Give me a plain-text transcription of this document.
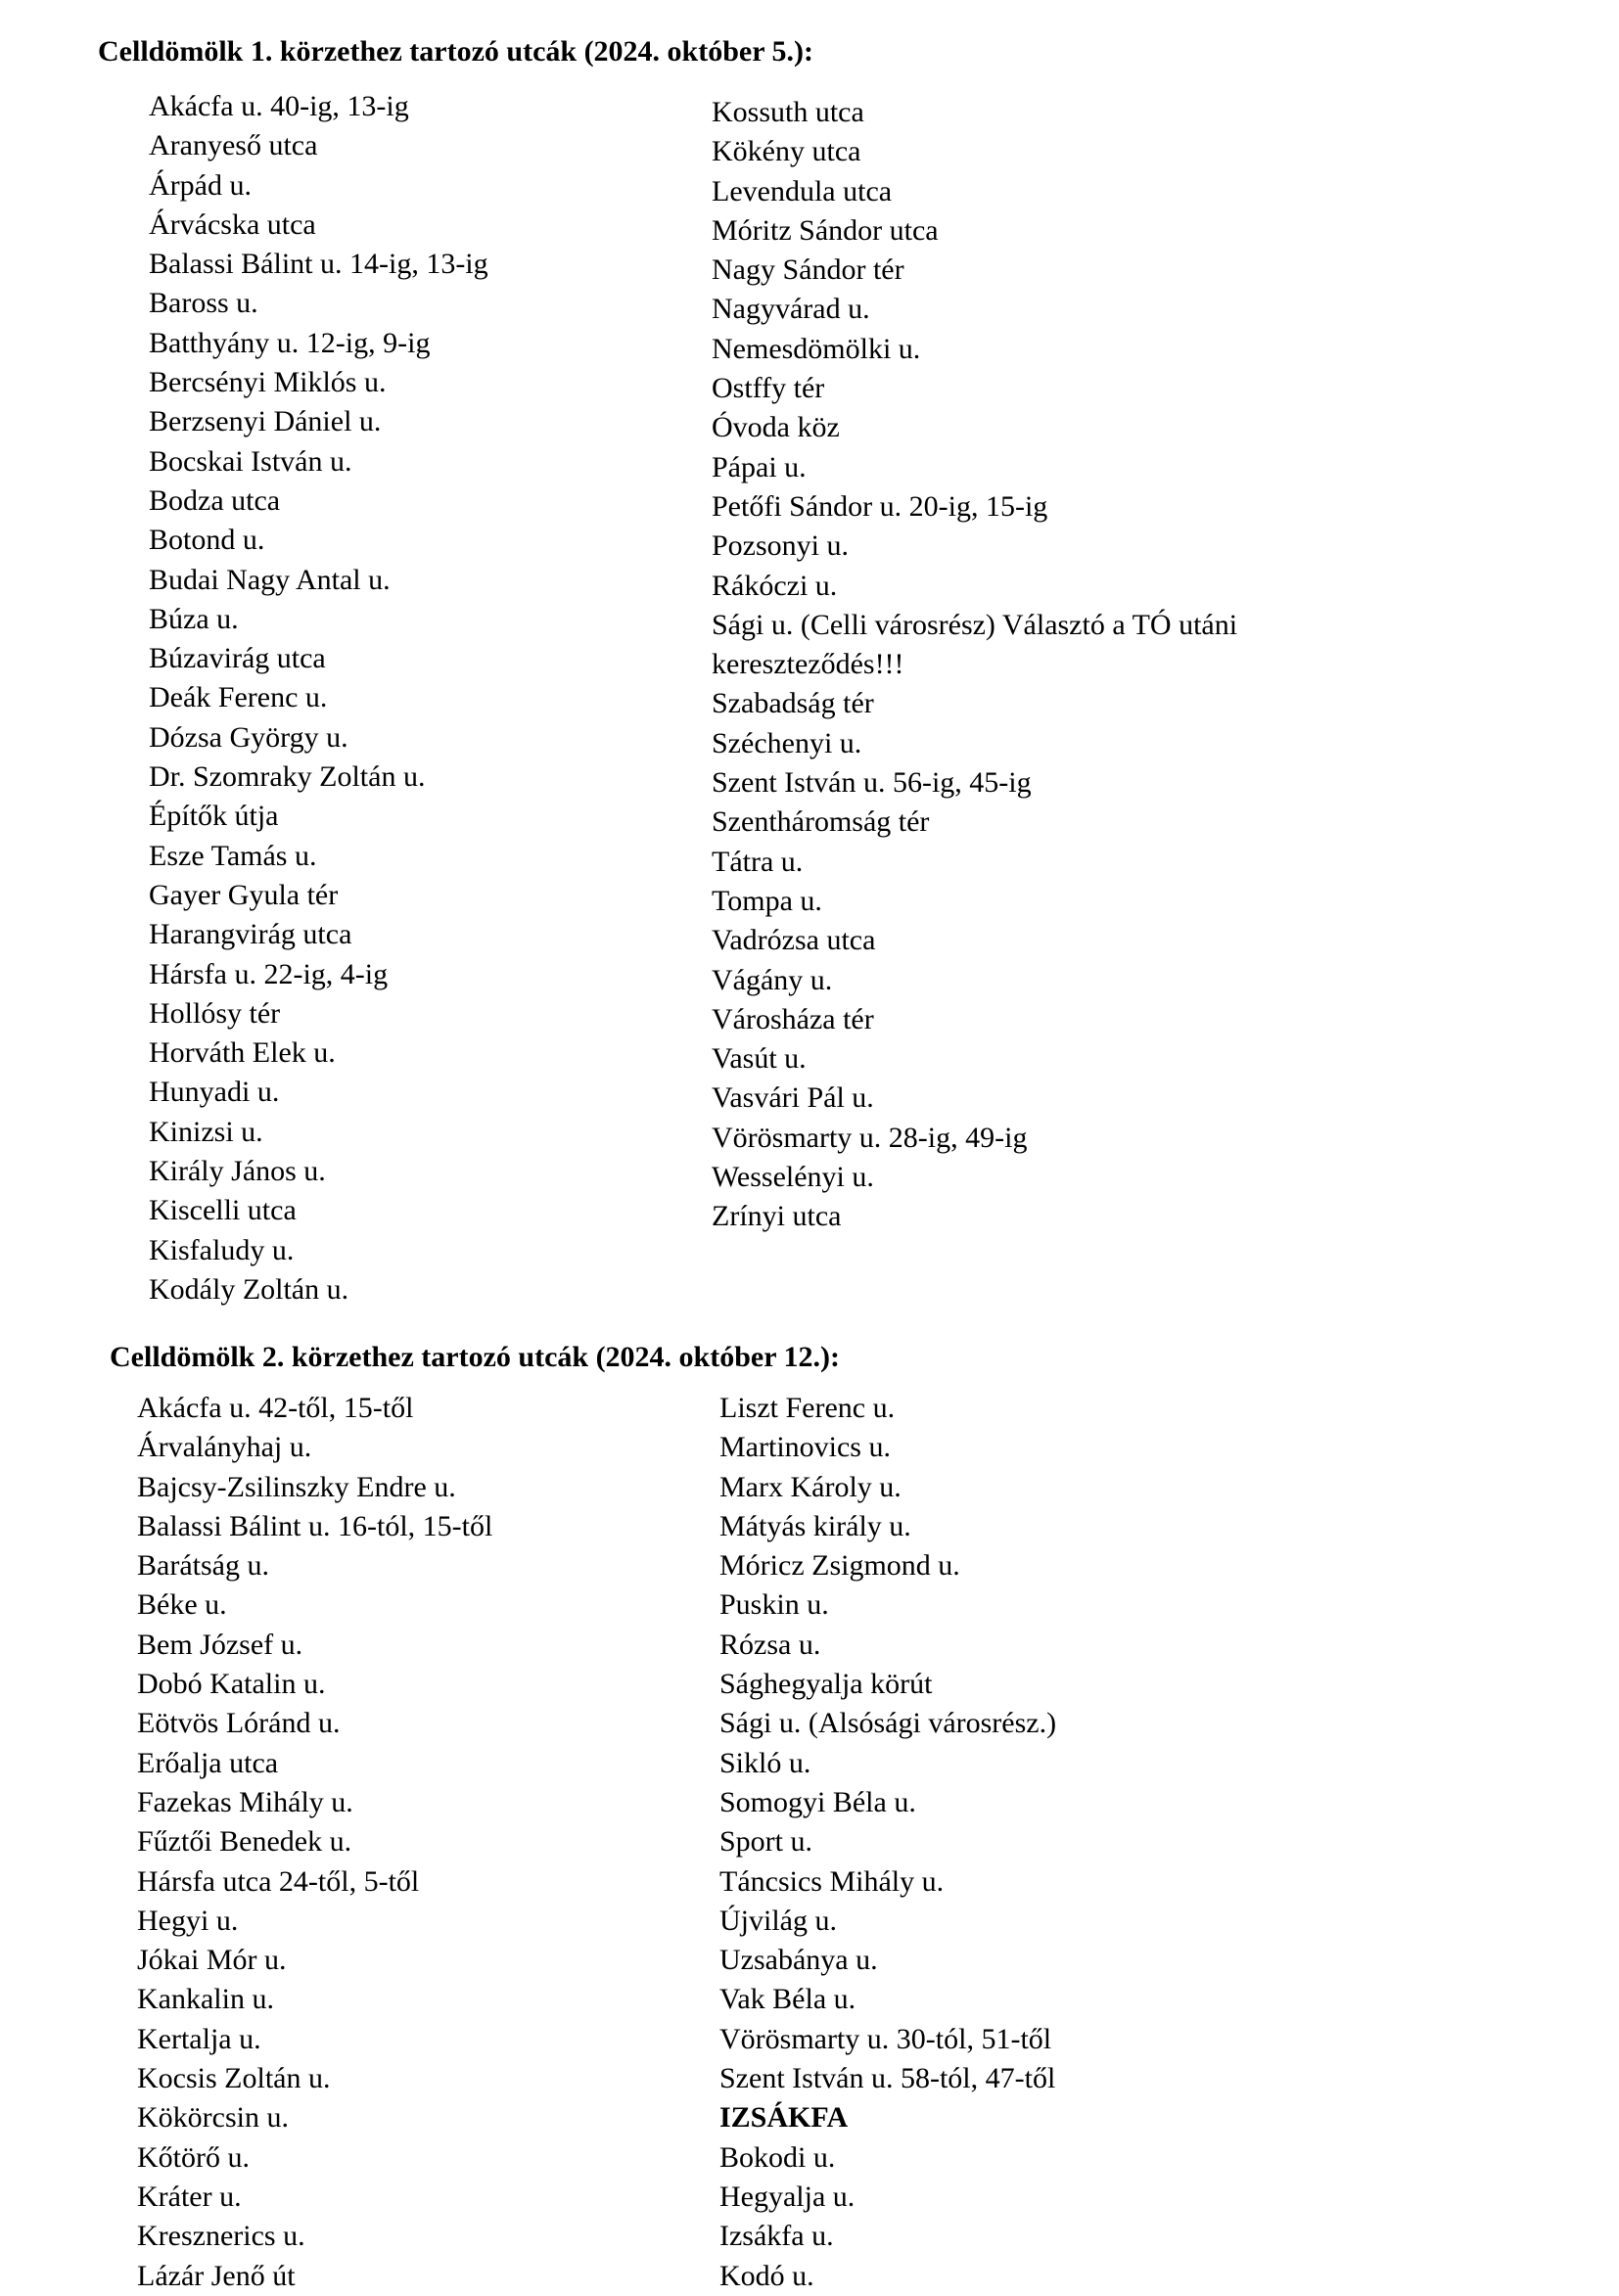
Celldömölk 1. körzethez tartozó utcák (2024. október 5.):
Akácfa u. 40-ig, 13-ig
Aranyeső utca
Árpád u.
Árvácska utca
Balassi Bálint u. 14-ig, 13-ig
Baross u.
Batthyány u. 12-ig, 9-ig
Bercsényi Miklós u.
Berzsenyi Dániel u.
Bocskai István u.
Bodza utca
Botond u.
Budai Nagy Antal u.
Búza u.
Búzavirág utca
Deák Ferenc u.
Dózsa György u.
Dr. Szomraky Zoltán u.
Építők útja
Esze Tamás u.
Gayer Gyula tér
Harangvirág utca
Hársfa u. 22-ig, 4-ig
Hollósy tér
Horváth Elek u.
Hunyadi u.
Kinizsi u.
Király János u.
Kiscelli utca
Kisfaludy u.
Kodály Zoltán u.
Kossuth utca
Kökény utca
Levendula utca
Móritz Sándor utca
Nagy Sándor tér
Nagyvárad u.
Nemesdömölki u.
Ostffy tér
Óvoda köz
Pápai u.
Petőfi Sándor u. 20-ig, 15-ig
Pozsonyi u.
Rákóczi u.
Sági u. (Celli városrész) Választó a TÓ utáni
kereszteződés!!!
Szabadság tér
Széchenyi u.
Szent István u. 56-ig, 45-ig
Szentháromság tér
Tátra u.
Tompa u.
Vadrózsa utca
Vágány u.
Városháza tér
Vasút u.
Vasvári Pál u.
Vörösmarty u. 28-ig, 49-ig
Wesselényi u.
Zrínyi utca
Celldömölk 2. körzethez tartozó utcák (2024. október 12.):
Akácfa u. 42-től, 15-től
Árvalányhaj u.
Bajcsy-Zsilinszky Endre u.
Balassi Bálint u. 16-tól, 15-től
Barátság u.
Béke u.
Bem József u.
Dobó Katalin u.
Eötvös Lóránd u.
Erőalja utca
Fazekas Mihály u.
Fűztői Benedek u.
Hársfa utca 24-től, 5-től
Hegyi u.
Jókai Mór u.
Kankalin u.
Kertalja u.
Kocsis Zoltán u.
Kökörcsin u.
Kőtörő u.
Kráter u.
Kresznerics u.
Lázár Jenő út
Liszt Ferenc u.
Martinovics u.
Marx Károly u.
Mátyás király u.
Móricz Zsigmond u.
Puskin u.
Rózsa u.
Sághegyalja körút
Sági u. (Alsósági városrész.)
Sikló u.
Somogyi Béla u.
Sport u.
Táncsics Mihály u.
Újvilág u.
Uzsabánya u.
Vak Béla u.
Vörösmarty u. 30-tól, 51-től
Szent István u. 58-tól, 47-től
IZSÁKFA
Bokodi u.
Hegyalja u.
Izsákfa u.
Kodó u.
